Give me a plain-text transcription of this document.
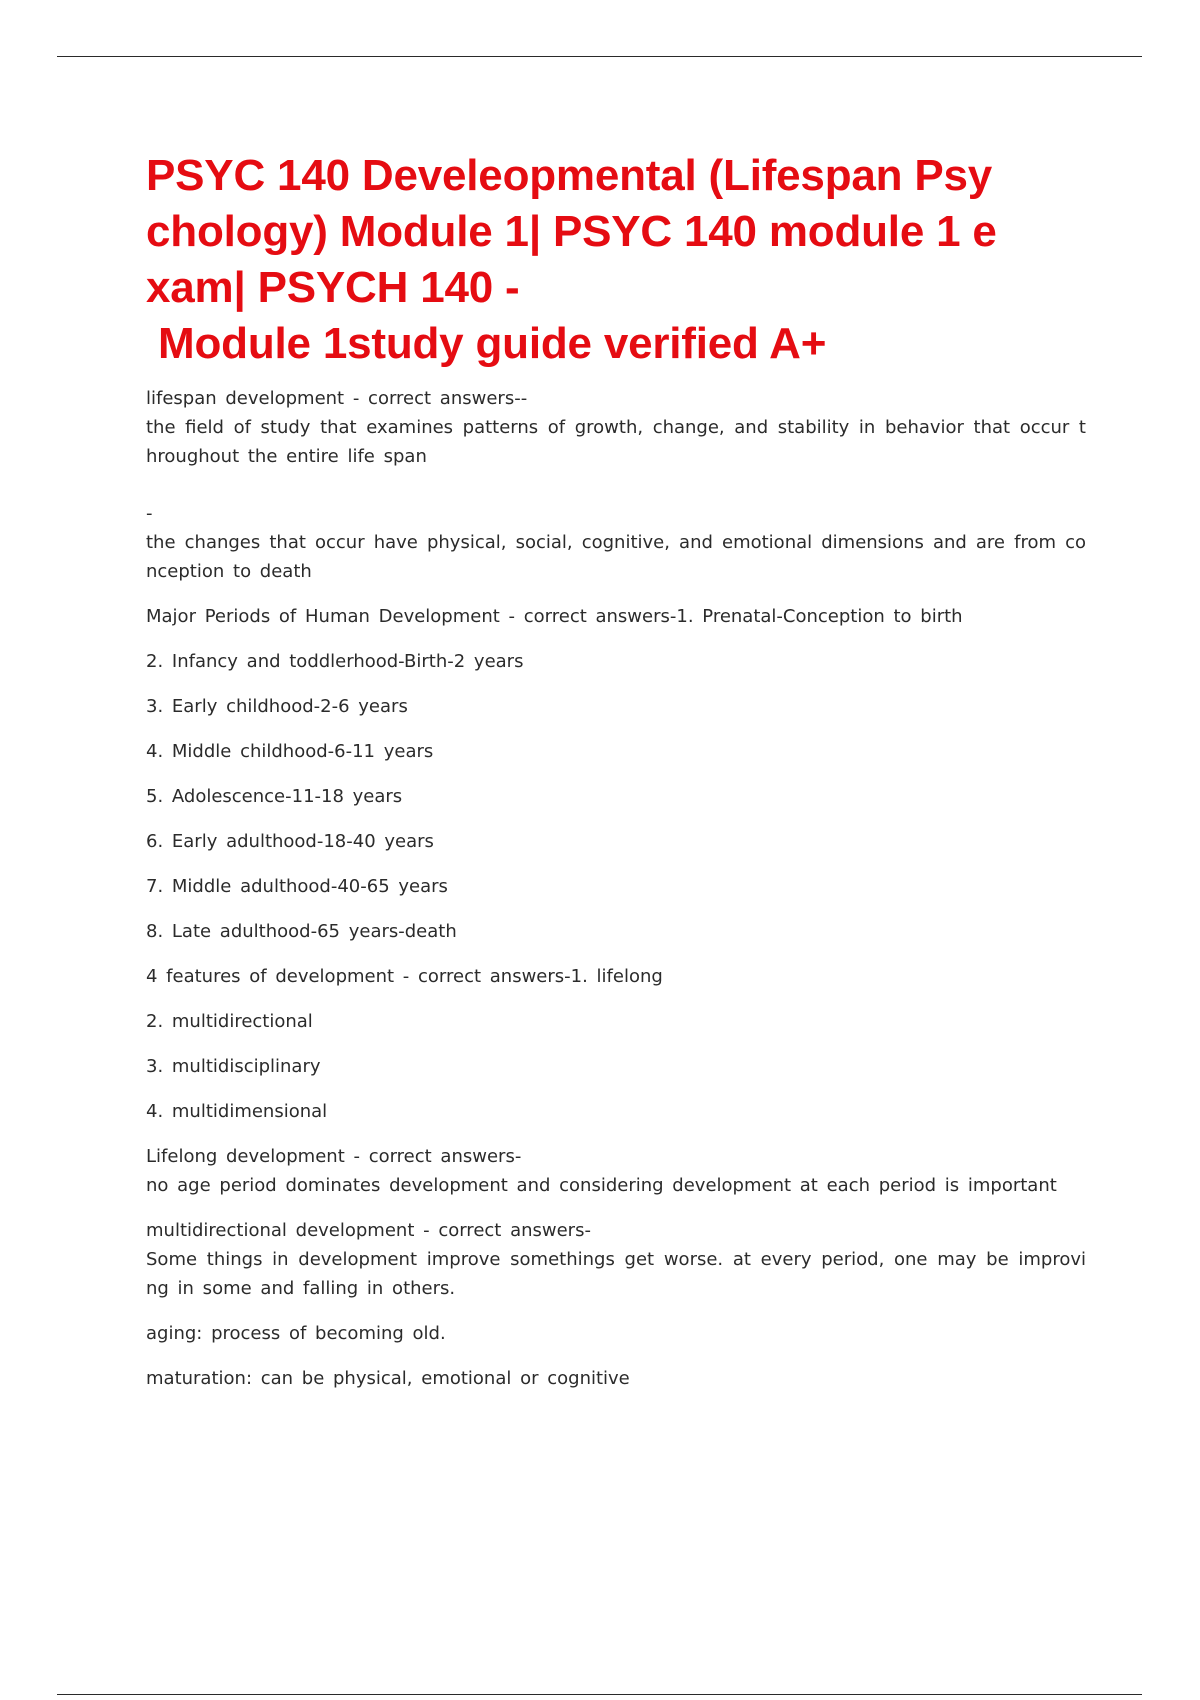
PSYC 140 Develeopmental (Lifespan Psy
chology) Module 1| PSYC 140 module 1 e
xam| PSYCH 140 -
Module 1study guide verified A+
lifespan development - correct answers--
the field of study that examines patterns of growth, change, and stability in behavior that occur t
hroughout the entire life span
-
the changes that occur have physical, social, cognitive, and emotional dimensions and are from co
nception to death
Major Periods of Human Development - correct answers-1. Prenatal-Conception to birth
2. Infancy and toddlerhood-Birth-2 years
3. Early childhood-2-6 years
4. Middle childhood-6-11 years
5. Adolescence-11-18 years
6. Early adulthood-18-40 years
7. Middle adulthood-40-65 years
8. Late adulthood-65 years-death
4 features of development - correct answers-1. lifelong
2. multidirectional
3. multidisciplinary
4. multidimensional
Lifelong development - correct answers-
no age period dominates development and considering development at each period is important
multidirectional development - correct answers-
Some things in development improve somethings get worse. at every period, one may be improvi
ng in some and falling in others.
aging: process of becoming old.
maturation: can be physical, emotional or cognitive
